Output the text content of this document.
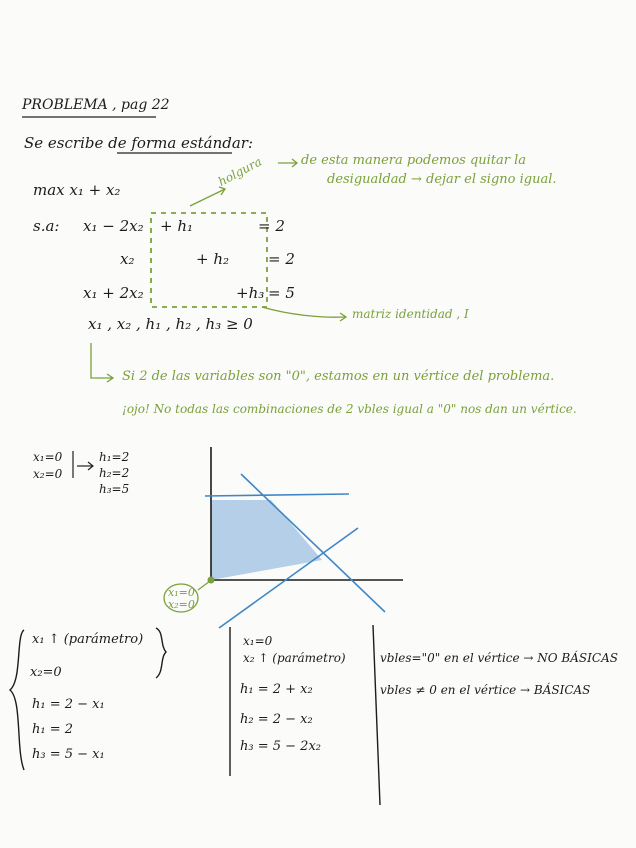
PROBLEMA , pag 22
Se escribe de forma estándar:
max x₁ + x₂
s.a: x₁ − 2x₂ + h₁	= 2
x₂	+ h₂	= 2
x₁ + 2x₂	+h₃ = 5
x₁ , x₂ , h₁ , h₂ , h₃ ≥ 0
holgura	de esta manera podemos quitar la
desigualdad → dejar el signo igual.
matriz identidad , I
Si 2 de las variables son "0", estamos en un vértice del problema.
¡ojo! No todas las combinaciones de 2 vbles igual a "0" nos dan un vértice.
x₁=0
x₂=0
h₁=2
h₂=2
h₃=5
x₁=0
x₂=0
x₁ ↑ (parámetro)
x₂=0
h₁ = 2 − x₁
h₁ = 2
h₃ = 5 − x₁
x₁=0
x₂ ↑ (parámetro)
h₁ = 2 + x₂
h₂ = 2 − x₂
h₃ = 5 − 2x₂
vbles="0" en el vértice → NO BÁSICAS
vbles ≠ 0 en el vértice → BÁSICAS
